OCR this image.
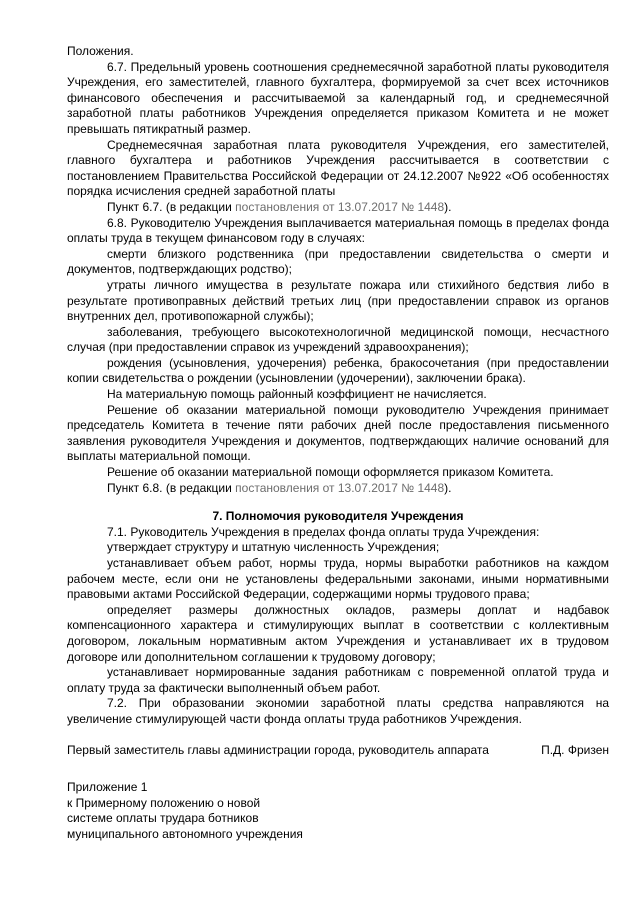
Положения.

6.7. Предельный уровень соотношения среднемесячной заработной платы руководителя Учреждения, его заместителей, главного бухгалтера, формируемой за счет всех источников финансового обеспечения и рассчитываемой за календарный год, и среднемесячной заработной платы работников Учреждения определяется приказом Комитета и не может превышать пятикратный размер.

Среднемесячная заработная плата руководителя Учреждения, его заместителей, главного бухгалтера и работников Учреждения рассчитывается в соответствии с постановлением Правительства Российской Федерации от 24.12.2007 №922 «Об особенностях порядка исчисления средней заработной платы

Пункт 6.7. (в редакции постановления от 13.07.2017 № 1448).

6.8. Руководителю Учреждения выплачивается материальная помощь в пределах фонда оплаты труда в текущем финансовом году в случаях:

смерти близкого родственника (при предоставлении свидетельства о смерти и документов, подтверждающих родство);

утраты личного имущества в результате пожара или стихийного бедствия либо в результате противоправных действий третьих лиц (при предоставлении справок из органов внутренних дел, противопожарной службы);

заболевания, требующего высокотехнологичной медицинской помощи, несчастного случая (при предоставлении справок из учреждений здравоохранения);

рождения (усыновления, удочерения) ребенка, бракосочетания (при предоставлении копии свидетельства о рождении (усыновлении (удочерении), заключении брака).

На материальную помощь районный коэффициент не начисляется.

Решение об оказании материальной помощи руководителю Учреждения принимает председатель Комитета в течение пяти рабочих дней после предоставления письменного заявления руководителя Учреждения и документов, подтверждающих наличие оснований для выплаты материальной помощи.

Решение об оказании материальной помощи оформляется приказом Комитета.

Пункт 6.8. (в редакции постановления от 13.07.2017 № 1448).

7. Полномочия руководителя Учреждения

7.1. Руководитель Учреждения в пределах фонда оплаты труда Учреждения:

утверждает структуру и штатную численность Учреждения;

устанавливает объем работ, нормы труда, нормы выработки работников на каждом рабочем месте, если они не установлены федеральными законами, иными нормативными правовыми актами Российской Федерации, содержащими нормы трудового права;

определяет размеры должностных окладов, размеры доплат и надбавок компенсационного характера и стимулирующих выплат в соответствии с коллективным договором, локальным нормативным актом Учреждения и устанавливает их в трудовом договоре или дополнительном соглашении к трудовому договору;

устанавливает нормированные задания работникам с повременной оплатой труда и оплату труда за фактически выполненный объем работ.

7.2. При образовании экономии заработной платы средства направляются на увеличение стимулирующей части фонда оплаты труда работников Учреждения.

Первый заместитель главы администрации города, руководитель аппарата	П.Д. Фризен
Приложение 1
к Примерному положению о новой
системе оплаты трудара ботников
муниципального автономного учреждения
